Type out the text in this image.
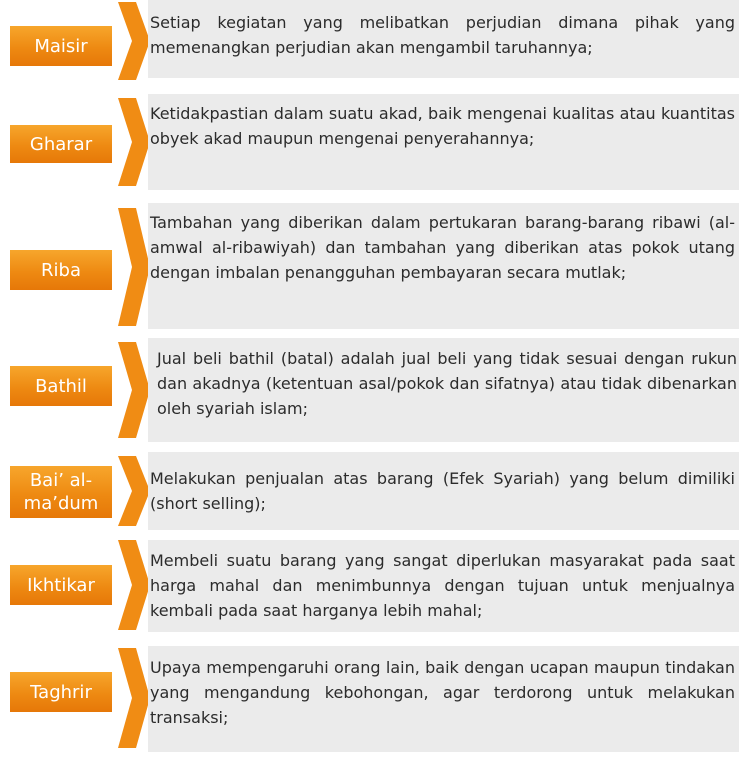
Maisir
Setiap kegiatan yang melibatkan perjudian dimana pihak yang memenangkan perjudian akan mengambil taruhannya;
Gharar
Ketidakpastian dalam suatu akad, baik mengenai kualitas atau kuantitas obyek akad maupun mengenai penyerahannya;
Riba
Tambahan yang diberikan dalam pertukaran barang-barang ribawi (al-amwal al-ribawiyah) dan tambahan yang diberikan atas pokok utang dengan imbalan penangguhan pembayaran secara mutlak;
Bathil
Jual beli bathil (batal) adalah jual beli yang tidak sesuai dengan rukun dan akadnya (ketentuan asal/pokok dan sifatnya) atau tidak dibenarkan oleh syariah islam;
Bai’ al-ma’dum
Melakukan penjualan atas barang (Efek Syariah) yang belum dimiliki (short selling);
Ikhtikar
Membeli suatu barang yang sangat diperlukan masyarakat pada saat harga mahal dan menimbunnya dengan tujuan untuk menjualnya kembali pada saat harganya lebih mahal;
Taghrir
Upaya mempengaruhi orang lain, baik dengan ucapan maupun tindakan yang mengandung kebohongan, agar terdorong untuk melakukan transaksi;
